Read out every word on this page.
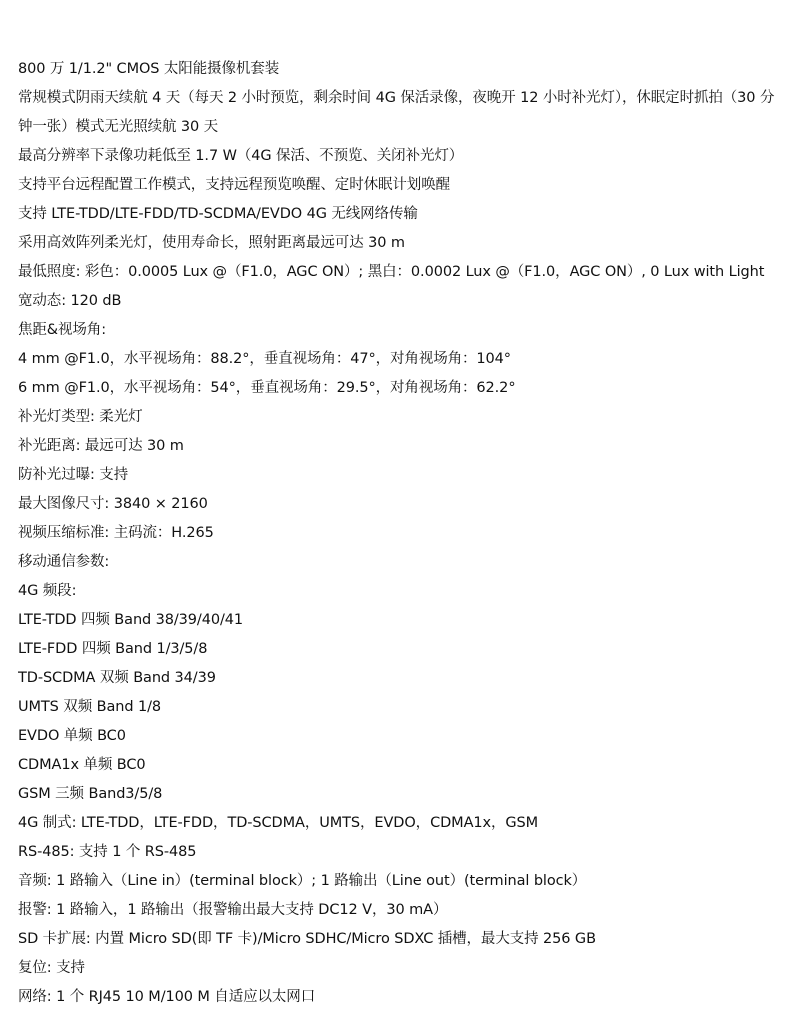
800 万 1/1.2" CMOS 太阳能摄像机套装
常规模式阴雨天续航 4 天（每天 2 小时预览，剩余时间 4G 保活录像，夜晚开 12 小时补光灯），休眠定时抓拍（30 分
钟一张）模式无光照续航 30 天
最高分辨率下录像功耗低至 1.7 W（4G 保活、不预览、关闭补光灯）
支持平台远程配置工作模式，支持远程预览唤醒、定时休眠计划唤醒
支持 LTE-TDD/LTE-FDD/TD-SCDMA/EVDO 4G 无线网络传输
采用高效阵列柔光灯，使用寿命长，照射距离最远可达 30 m
最低照度: 彩色：0.0005 Lux @（F1.0，AGC ON）; 黑白：0.0002 Lux @（F1.0，AGC ON）, 0 Lux with Light
宽动态: 120 dB
焦距&视场角:
4 mm @F1.0，水平视场角：88.2°，垂直视场角：47°，对角视场角：104°
6 mm @F1.0，水平视场角：54°，垂直视场角：29.5°，对角视场角：62.2°
补光灯类型: 柔光灯
补光距离: 最远可达 30 m
防补光过曝: 支持
最大图像尺寸: 3840 × 2160
视频压缩标准: 主码流：H.265
移动通信参数:
4G 频段:
LTE-TDD 四频 Band 38/39/40/41
LTE-FDD 四频 Band 1/3/5/8
TD-SCDMA 双频 Band 34/39
UMTS 双频 Band 1/8
EVDO 单频 BC0
CDMA1x 单频 BC0
GSM 三频 Band3/5/8
4G 制式: LTE-TDD，LTE-FDD，TD-SCDMA，UMTS，EVDO，CDMA1x，GSM
RS-485: 支持 1 个 RS-485
音频: 1 路输入（Line in）(terminal block）; 1 路输出（Line out）(terminal block）
报警: 1 路输入，1 路输出（报警输出最大支持 DC12 V，30 mA）
SD 卡扩展: 内置 Micro SD(即 TF 卡)/Micro SDHC/Micro SDXC 插槽，最大支持 256 GB
复位: 支持
网络: 1 个 RJ45 10 M/100 M 自适应以太网口
